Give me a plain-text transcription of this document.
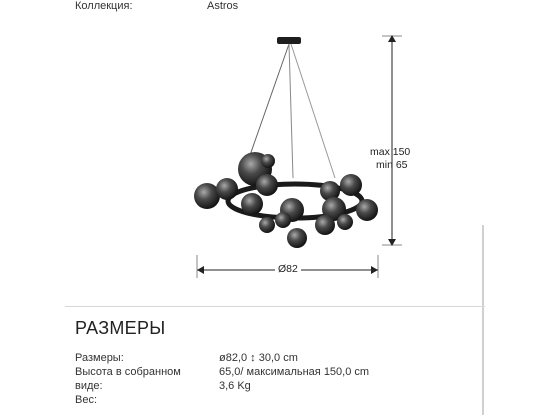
Коллекция:	Astros
max 150
min 65
Ø82
РАЗМЕРЫ
Размеры:	ø82,0 ↕ 30,0 cm
Высота в собранном
виде:
65,0/ максимальная 150,0 cm
Вес:
3,6 Kg
